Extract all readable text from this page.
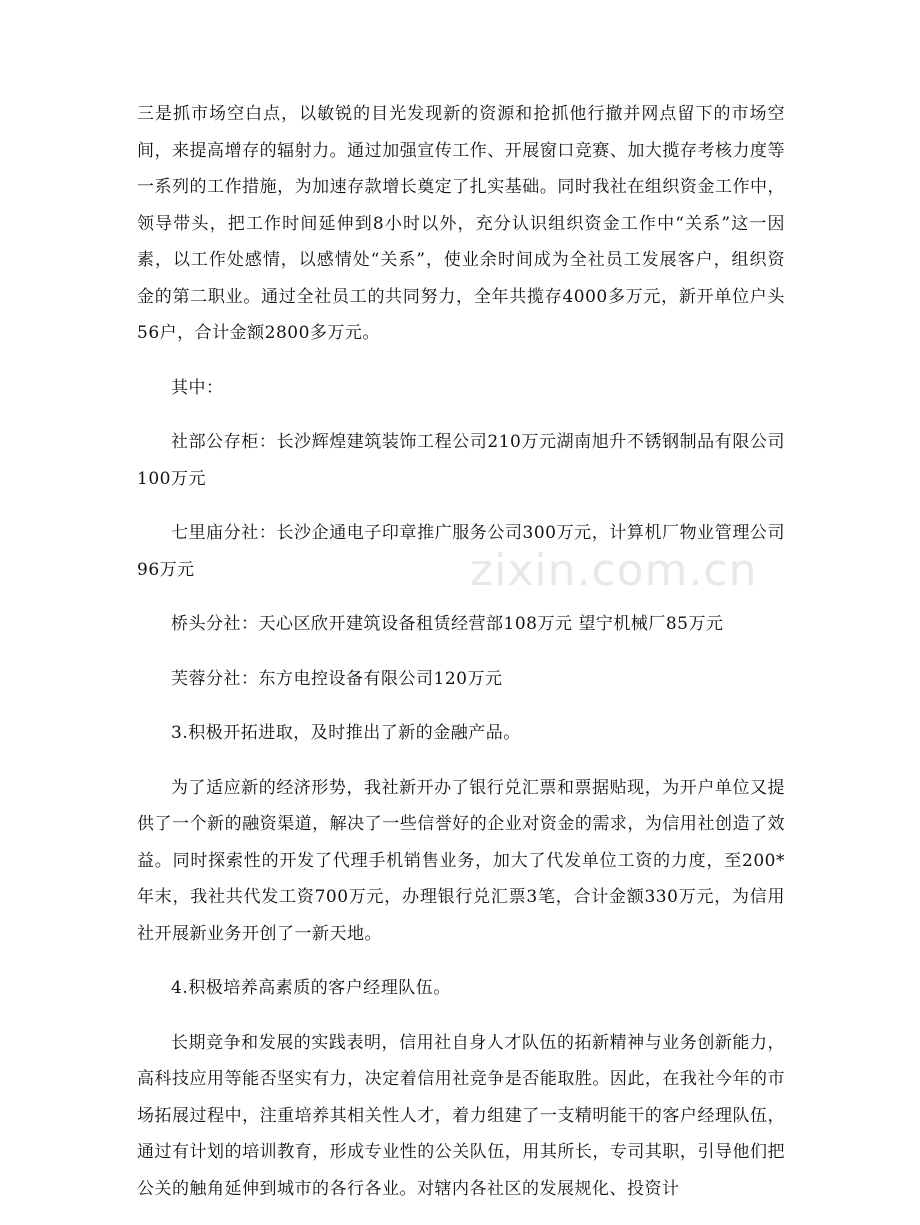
三是抓市场空白点，以敏锐的目光发现新的资源和抢抓他行撤并网点留下的市场空间，来提高增存的辐射力。通过加强宣传工作、开展窗口竞赛、加大揽存考核力度等一系列的工作措施，为加速存款增长奠定了扎实基础。同时我社在组织资金工作中，领导带头，把工作时间延伸到8小时以外，充分认识组织资金工作中“关系”这一因素，以工作处感情，以感情处“关系”，使业余时间成为全社员工发展客户，组织资金的第二职业。通过全社员工的共同努力，全年共揽存4000多万元，新开单位户头56户，合计金额2800多万元。

其中：

社部公存柜：长沙辉煌建筑装饰工程公司210万元湖南旭升不锈钢制品有限公司100万元

七里庙分社：长沙企通电子印章推广服务公司300万元，计算机厂物业管理公司96万元

桥头分社：天心区欣开建筑设备租赁经营部108万元 望宁机械厂85万元

芙蓉分社：东方电控设备有限公司120万元

3.积极开拓进取，及时推出了新的金融产品。

为了适应新的经济形势，我社新开办了银行兑汇票和票据贴现，为开户单位又提供了一个新的融资渠道，解决了一些信誉好的企业对资金的需求，为信用社创造了效益。同时探索性的开发了代理手机销售业务，加大了代发单位工资的力度，至200*年末，我社共代发工资700万元，办理银行兑汇票3笔，合计金额330万元，为信用社开展新业务开创了一新天地。

4.积极培养高素质的客户经理队伍。

长期竞争和发展的实践表明，信用社自身人才队伍的拓新精神与业务创新能力，高科技应用等能否坚实有力，决定着信用社竞争是否能取胜。因此，在我社今年的市场拓展过程中，注重培养其相关性人才，着力组建了一支精明能干的客户经理队伍，通过有计划的培训教育，形成专业性的公关队伍，用其所长，专司其职，引导他们把公关的触角延伸到城市的各行各业。对辖内各社区的发展规化、投资计

zixin.com.cn
